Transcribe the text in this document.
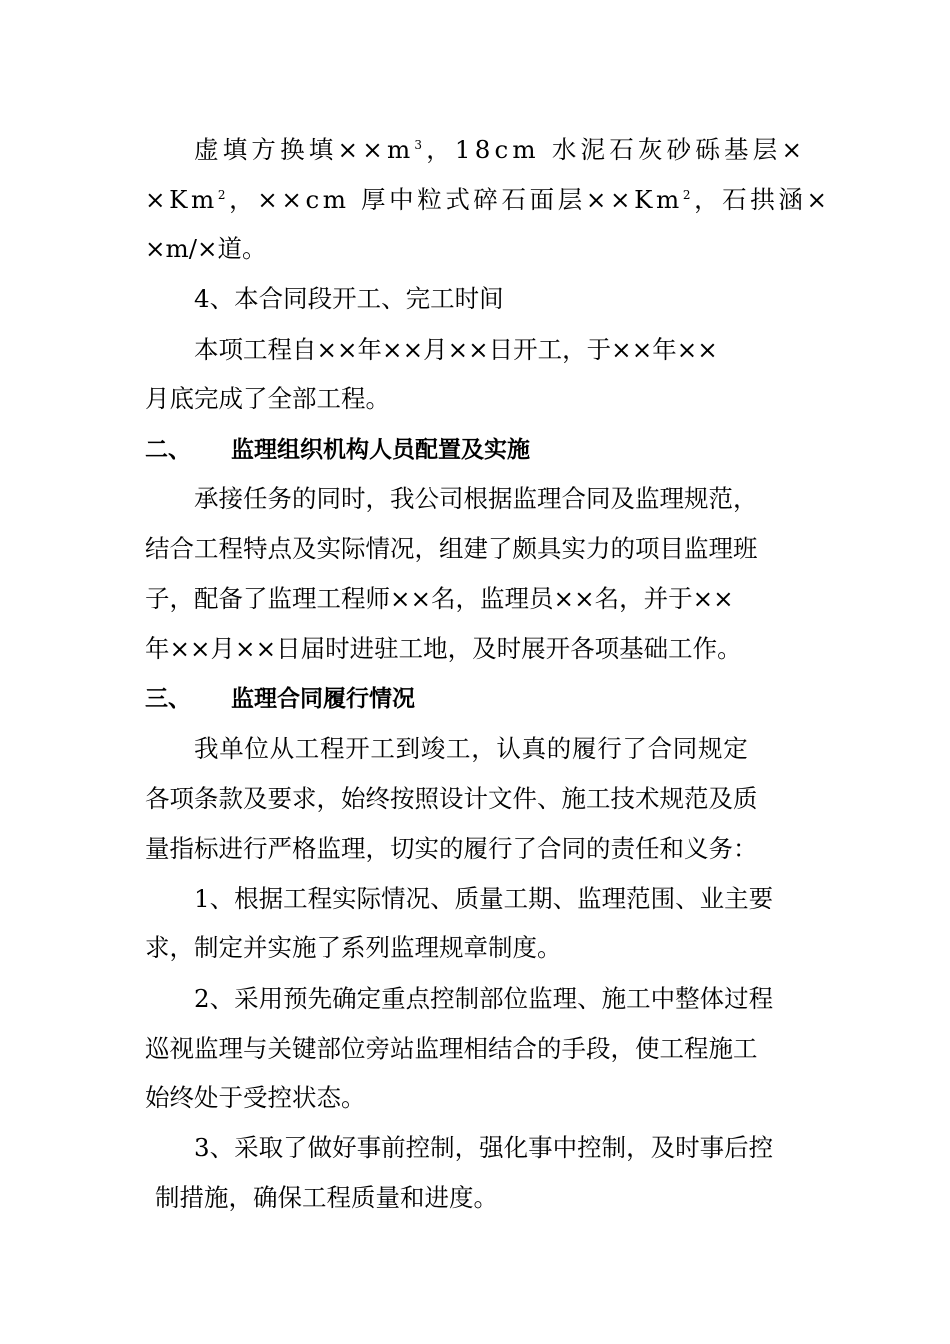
虚填方换填$\times\times m^3$，18cm 水泥石灰砂砾基层×
$\times Km^2$，××cm 厚中粒式碎石面层$\times\times Km^2$，石拱涵×
×m/×道。
4、本合同段开工、完工时间
本项工程自××年××月××日开工，于××年××
月底完成了全部工程。
二、 监理组织机构人员配置及实施
承接任务的同时，我公司根据监理合同及监理规范，
结合工程特点及实际情况，组建了颇具实力的项目监理班
子，配备了监理工程师××名，监理员××名，并于××
年××月××日届时进驻工地，及时展开各项基础工作。
三、 监理合同履行情况
我单位从工程开工到竣工，认真的履行了合同规定
各项条款及要求，始终按照设计文件、施工技术规范及质
量指标进行严格监理，切实的履行了合同的责任和义务：
1、根据工程实际情况、质量工期、监理范围、业主要
求，制定并实施了系列监理规章制度。
2、采用预先确定重点控制部位监理、施工中整体过程
巡视监理与关键部位旁站监理相结合的手段，使工程施工
始终处于受控状态。
3、采取了做好事前控制，强化事中控制，及时事后控
制措施，确保工程质量和进度。
